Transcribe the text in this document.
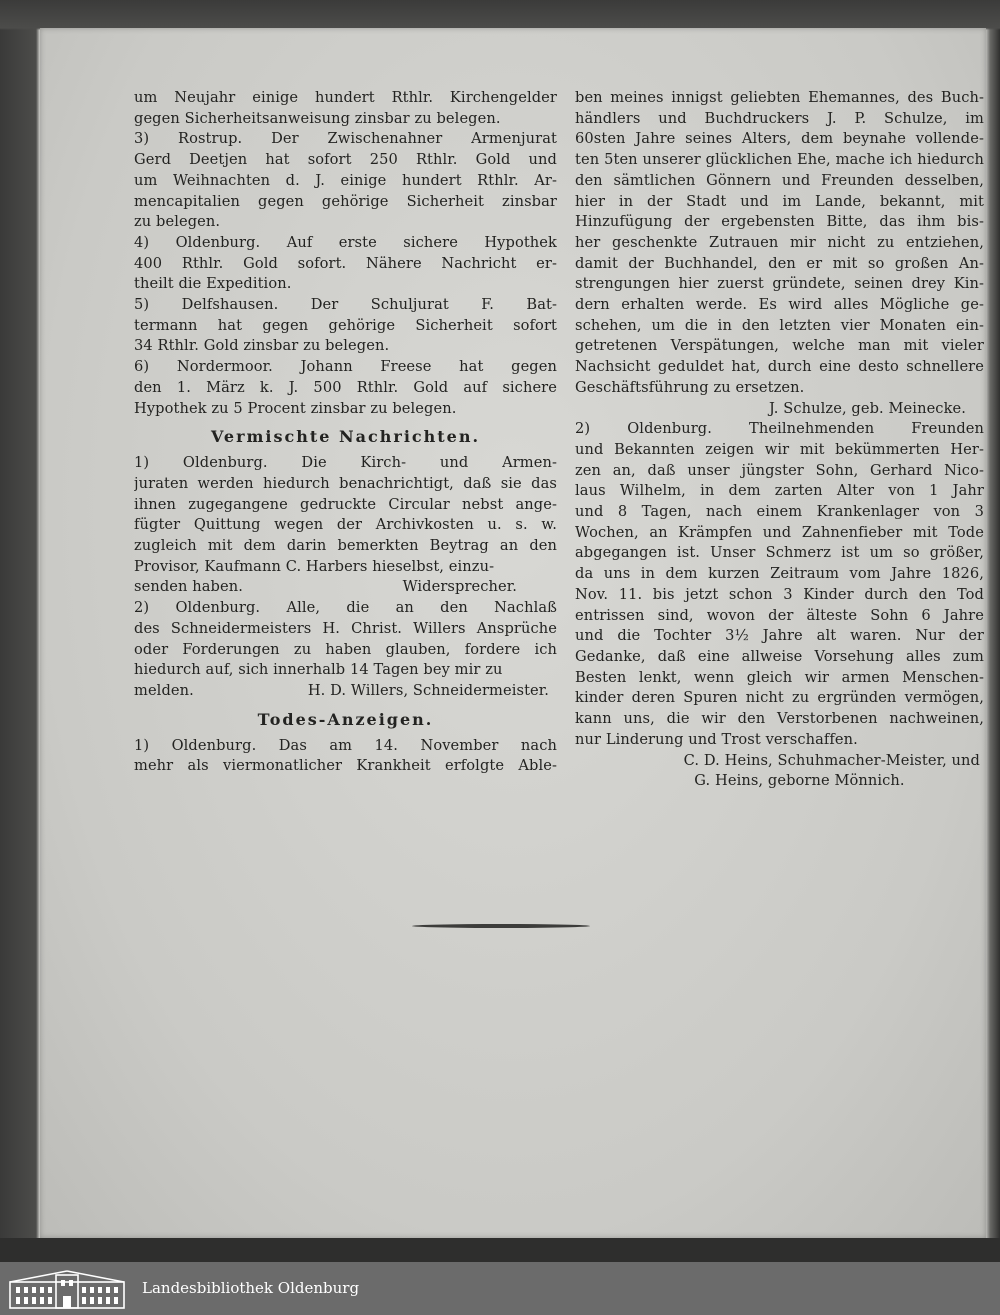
um Neujahr einige hundert Rthlr. Kirchengelder
gegen Sicherheitsanweisung zinsbar zu belegen.
3) Rostrup. Der Zwischenahner Armenjurat
Gerd Deetjen hat sofort 250 Rthlr. Gold und
um Weihnachten d. J. einige hundert Rthlr. Ar-
mencapitalien gegen gehörige Sicherheit zinsbar
zu belegen.
4) Oldenburg. Auf erste sichere Hypothek
400 Rthlr. Gold sofort. Nähere Nachricht er-
theilt die Expedition.
5) Delfshausen. Der Schuljurat F. Bat-
termann hat gegen gehörige Sicherheit sofort
34 Rthlr. Gold zinsbar zu belegen.
6) Nordermoor. Johann Freese hat gegen
den 1. März k. J. 500 Rthlr. Gold auf sichere
Hypothek zu 5 Procent zinsbar zu belegen.
Vermischte Nachrichten.
1) Oldenburg. Die Kirch- und Armen-
juraten werden hiedurch benachrichtigt, daß sie das
ihnen zugegangene gedruckte Circular nebst ange-
fügter Quittung wegen der Archivkosten u. s. w.
zugleich mit dem darin bemerkten Beytrag an den
Provisor, Kaufmann C. Harbers hieselbst, einzu-
senden haben.	Widersprecher.
2) Oldenburg. Alle, die an den Nachlaß
des Schneidermeisters H. Christ. Willers Ansprüche
oder Forderungen zu haben glauben, fordere ich
hiedurch auf, sich innerhalb 14 Tagen bey mir zu
melden.	H. D. Willers, Schneidermeister.
Todes-Anzeigen.
1) Oldenburg. Das am 14. November nach
mehr als viermonatlicher Krankheit erfolgte Able-
ben meines innigst geliebten Ehemannes, des Buch-
händlers und Buchdruckers J. P. Schulze, im
60sten Jahre seines Alters, dem beynahe vollende-
ten 5ten unserer glücklichen Ehe, mache ich hiedurch
den sämtlichen Gönnern und Freunden desselben,
hier in der Stadt und im Lande, bekannt, mit
Hinzufügung der ergebensten Bitte, das ihm bis-
her geschenkte Zutrauen mir nicht zu entziehen,
damit der Buchhandel, den er mit so großen An-
strengungen hier zuerst gründete, seinen drey Kin-
dern erhalten werde. Es wird alles Mögliche ge-
schehen, um die in den letzten vier Monaten ein-
getretenen Verspätungen, welche man mit vieler
Nachsicht geduldet hat, durch eine desto schnellere
Geschäftsführung zu ersetzen.
J. Schulze, geb. Meinecke.
2) Oldenburg. Theilnehmenden Freunden
und Bekannten zeigen wir mit bekümmerten Her-
zen an, daß unser jüngster Sohn, Gerhard Nico-
laus Wilhelm, in dem zarten Alter von 1 Jahr
und 8 Tagen, nach einem Krankenlager von 3
Wochen, an Krämpfen und Zahnenfieber mit Tode
abgegangen ist. Unser Schmerz ist um so größer,
da uns in dem kurzen Zeitraum vom Jahre 1826,
Nov. 11. bis jetzt schon 3 Kinder durch den Tod
entrissen sind, wovon der älteste Sohn 6 Jahre
und die Tochter 3½ Jahre alt waren. Nur der
Gedanke, daß eine allweise Vorsehung alles zum
Besten lenkt, wenn gleich wir armen Menschen-
kinder deren Spuren nicht zu ergründen vermögen,
kann uns, die wir den Verstorbenen nachweinen,
nur Linderung und Trost verschaffen.
C. D. Heins, Schuhmacher-Meister, und
G. Heins, geborne Mönnich.
Landesbibliothek Oldenburg
